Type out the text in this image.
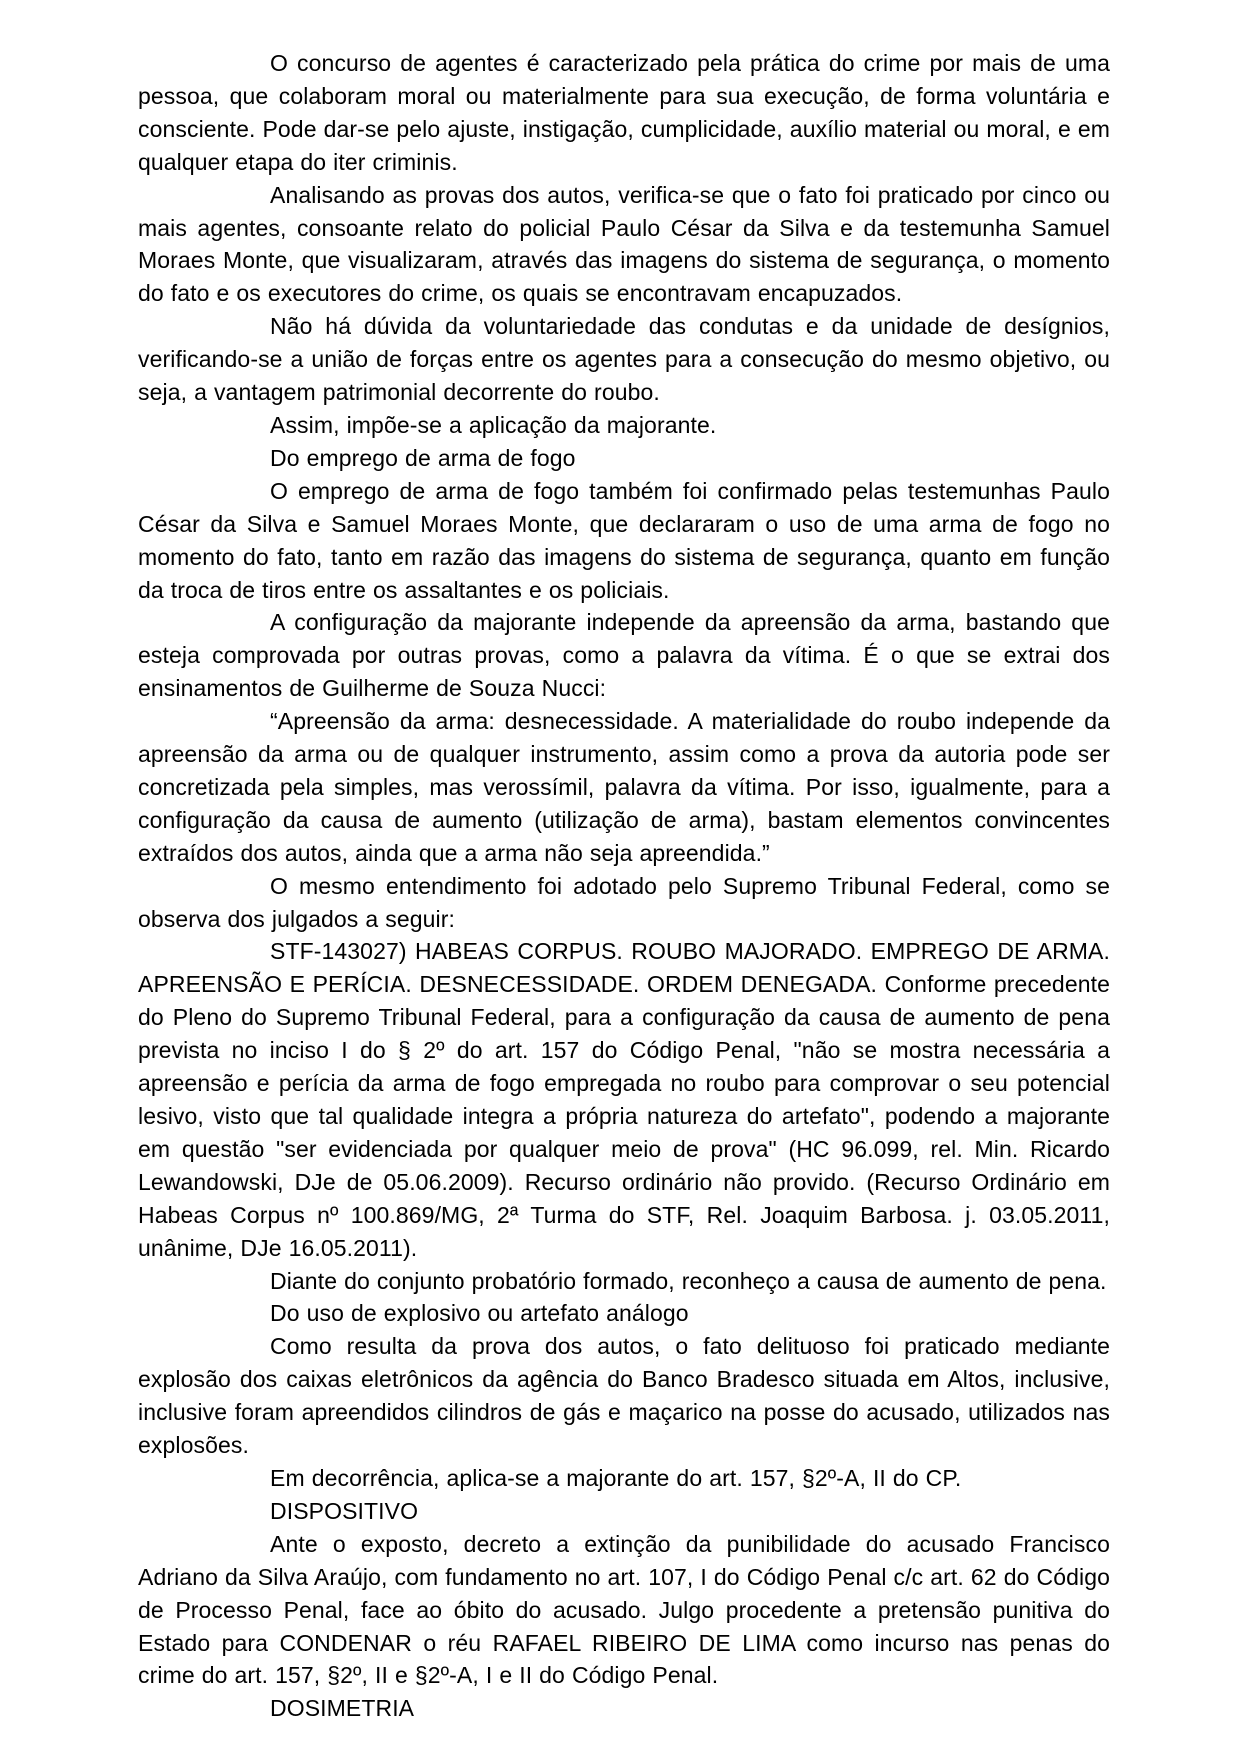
O concurso de agentes é caracterizado pela prática do crime por mais de uma pessoa, que colaboram moral ou materialmente para sua execução, de forma voluntária e consciente. Pode dar-se pelo ajuste, instigação, cumplicidade, auxílio material ou moral, e em qualquer etapa do iter criminis.

Analisando as provas dos autos, verifica-se que o fato foi praticado por cinco ou mais agentes, consoante relato do policial Paulo César da Silva e da testemunha Samuel Moraes Monte, que visualizaram, através das imagens do sistema de segurança, o momento do fato e os executores do crime, os quais se encontravam encapuzados.

Não há dúvida da voluntariedade das condutas e da unidade de desígnios, verificando-se a união de forças entre os agentes para a consecução do mesmo objetivo, ou seja, a vantagem patrimonial decorrente do roubo.

Assim, impõe-se a aplicação da majorante.

Do emprego de arma de fogo

O emprego de arma de fogo também foi confirmado pelas testemunhas Paulo César da Silva e Samuel Moraes Monte, que declararam o uso de uma arma de fogo no momento do fato, tanto em razão das imagens do sistema de segurança, quanto em função da troca de tiros entre os assaltantes e os policiais.

A configuração da majorante independe da apreensão da arma, bastando que esteja comprovada por outras provas, como a palavra da vítima. É o que se extrai dos ensinamentos de Guilherme de Souza Nucci:

“Apreensão da arma: desnecessidade. A materialidade do roubo independe da apreensão da arma ou de qualquer instrumento, assim como a prova da autoria pode ser concretizada pela simples, mas verossímil, palavra da vítima. Por isso, igualmente, para a configuração da causa de aumento (utilização de arma), bastam elementos convincentes extraídos dos autos, ainda que a arma não seja apreendida.”

O mesmo entendimento foi adotado pelo Supremo Tribunal Federal, como se observa dos julgados a seguir:

STF-143027) HABEAS CORPUS. ROUBO MAJORADO. EMPREGO DE ARMA. APREENSÃO E PERÍCIA. DESNECESSIDADE. ORDEM DENEGADA. Conforme precedente do Pleno do Supremo Tribunal Federal, para a configuração da causa de aumento de pena prevista no inciso I do § 2º do art. 157 do Código Penal, "não se mostra necessária a apreensão e perícia da arma de fogo empregada no roubo para comprovar o seu potencial lesivo, visto que tal qualidade integra a própria natureza do artefato", podendo a majorante em questão "ser evidenciada por qualquer meio de prova" (HC 96.099, rel. Min. Ricardo Lewandowski, DJe de 05.06.2009). Recurso ordinário não provido. (Recurso Ordinário em Habeas Corpus nº 100.869/MG, 2ª Turma do STF, Rel. Joaquim Barbosa. j. 03.05.2011, unânime, DJe 16.05.2011).

Diante do conjunto probatório formado, reconheço a causa de aumento de pena.

Do uso de explosivo ou artefato análogo

Como resulta da prova dos autos, o fato delituoso foi praticado mediante explosão dos caixas eletrônicos da agência do Banco Bradesco situada em Altos, inclusive, inclusive foram apreendidos cilindros de gás e maçarico na posse do acusado, utilizados nas explosões.

Em decorrência, aplica-se a majorante do art. 157, §2º-A, II do CP.

DISPOSITIVO

Ante o exposto, decreto a extinção da punibilidade do acusado Francisco Adriano da Silva Araújo, com fundamento no art. 107, I do Código Penal c/c art. 62 do Código de Processo Penal, face ao óbito do acusado. Julgo procedente a pretensão punitiva do Estado para CONDENAR o réu RAFAEL RIBEIRO DE LIMA como incurso nas penas do crime do art. 157, §2º, II e §2º-A, I e II do Código Penal.

DOSIMETRIA
